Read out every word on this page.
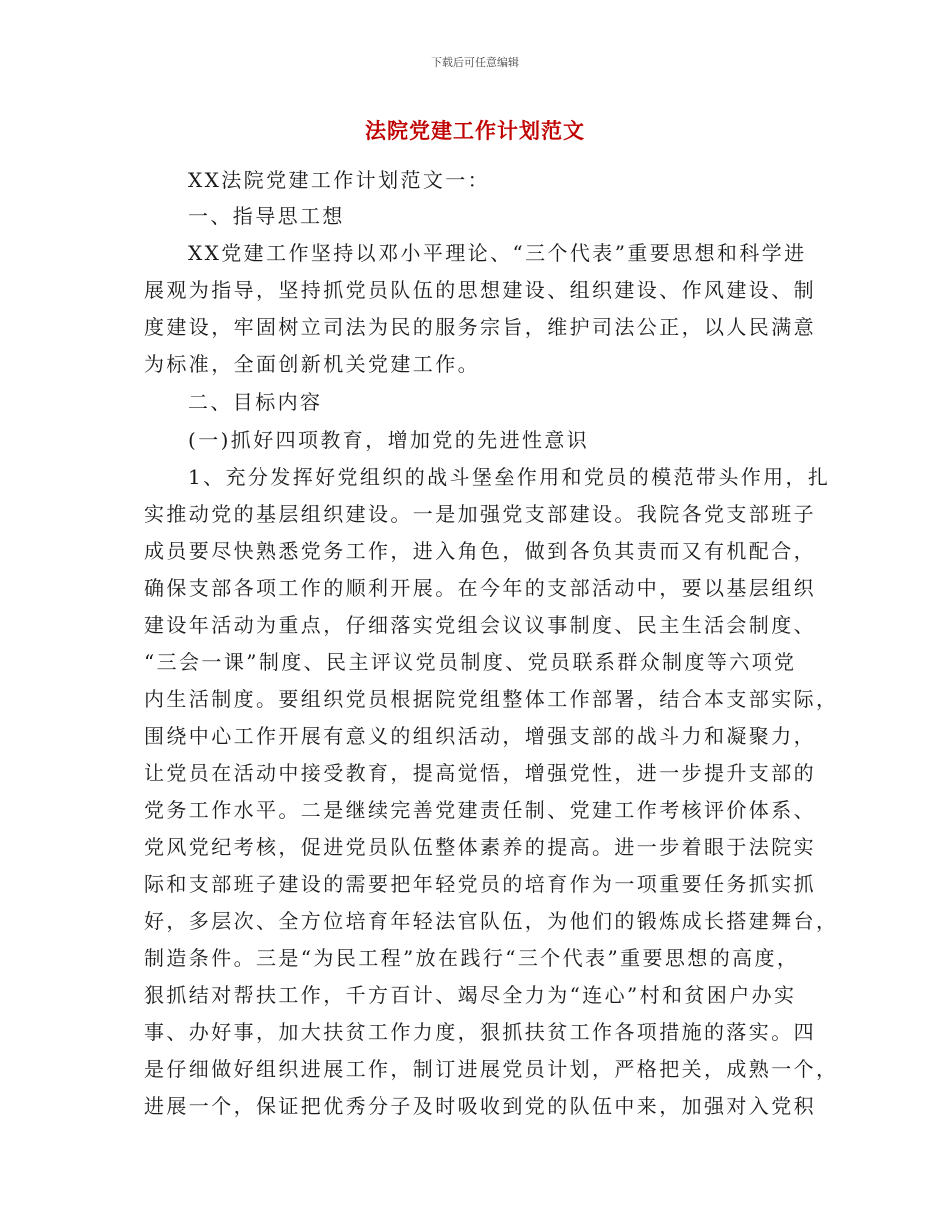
下载后可任意编辑
法院党建工作计划范文
XX法院党建工作计划范文一：
一、指导思工想
XX党建工作坚持以邓小平理论、“三个代表”重要思想和科学进
展观为指导，坚持抓党员队伍的思想建设、组织建设、作风建设、制
度建设，牢固树立司法为民的服务宗旨，维护司法公正，以人民满意
为标准，全面创新机关党建工作。
二、目标内容
(一)抓好四项教育，增加党的先进性意识
1、充分发挥好党组织的战斗堡垒作用和党员的模范带头作用，扎
实推动党的基层组织建设。一是加强党支部建设。我院各党支部班子
成员要尽快熟悉党务工作，进入角色，做到各负其责而又有机配合，
确保支部各项工作的顺利开展。在今年的支部活动中，要以基层组织
建设年活动为重点，仔细落实党组会议议事制度、民主生活会制度、
“三会一课”制度、民主评议党员制度、党员联系群众制度等六项党
内生活制度。要组织党员根据院党组整体工作部署，结合本支部实际，
围绕中心工作开展有意义的组织活动，增强支部的战斗力和凝聚力，
让党员在活动中接受教育，提高觉悟，增强党性，进一步提升支部的
党务工作水平。二是继续完善党建责任制、党建工作考核评价体系、
党风党纪考核，促进党员队伍整体素养的提高。进一步着眼于法院实
际和支部班子建设的需要把年轻党员的培育作为一项重要任务抓实抓
好，多层次、全方位培育年轻法官队伍，为他们的锻炼成长搭建舞台，
制造条件。三是“为民工程”放在践行“三个代表”重要思想的高度，
狠抓结对帮扶工作，千方百计、竭尽全力为“连心”村和贫困户办实
事、办好事，加大扶贫工作力度，狠抓扶贫工作各项措施的落实。四
是仔细做好组织进展工作，制订进展党员计划，严格把关，成熟一个，
进展一个，保证把优秀分子及时吸收到党的队伍中来，加强对入党积
